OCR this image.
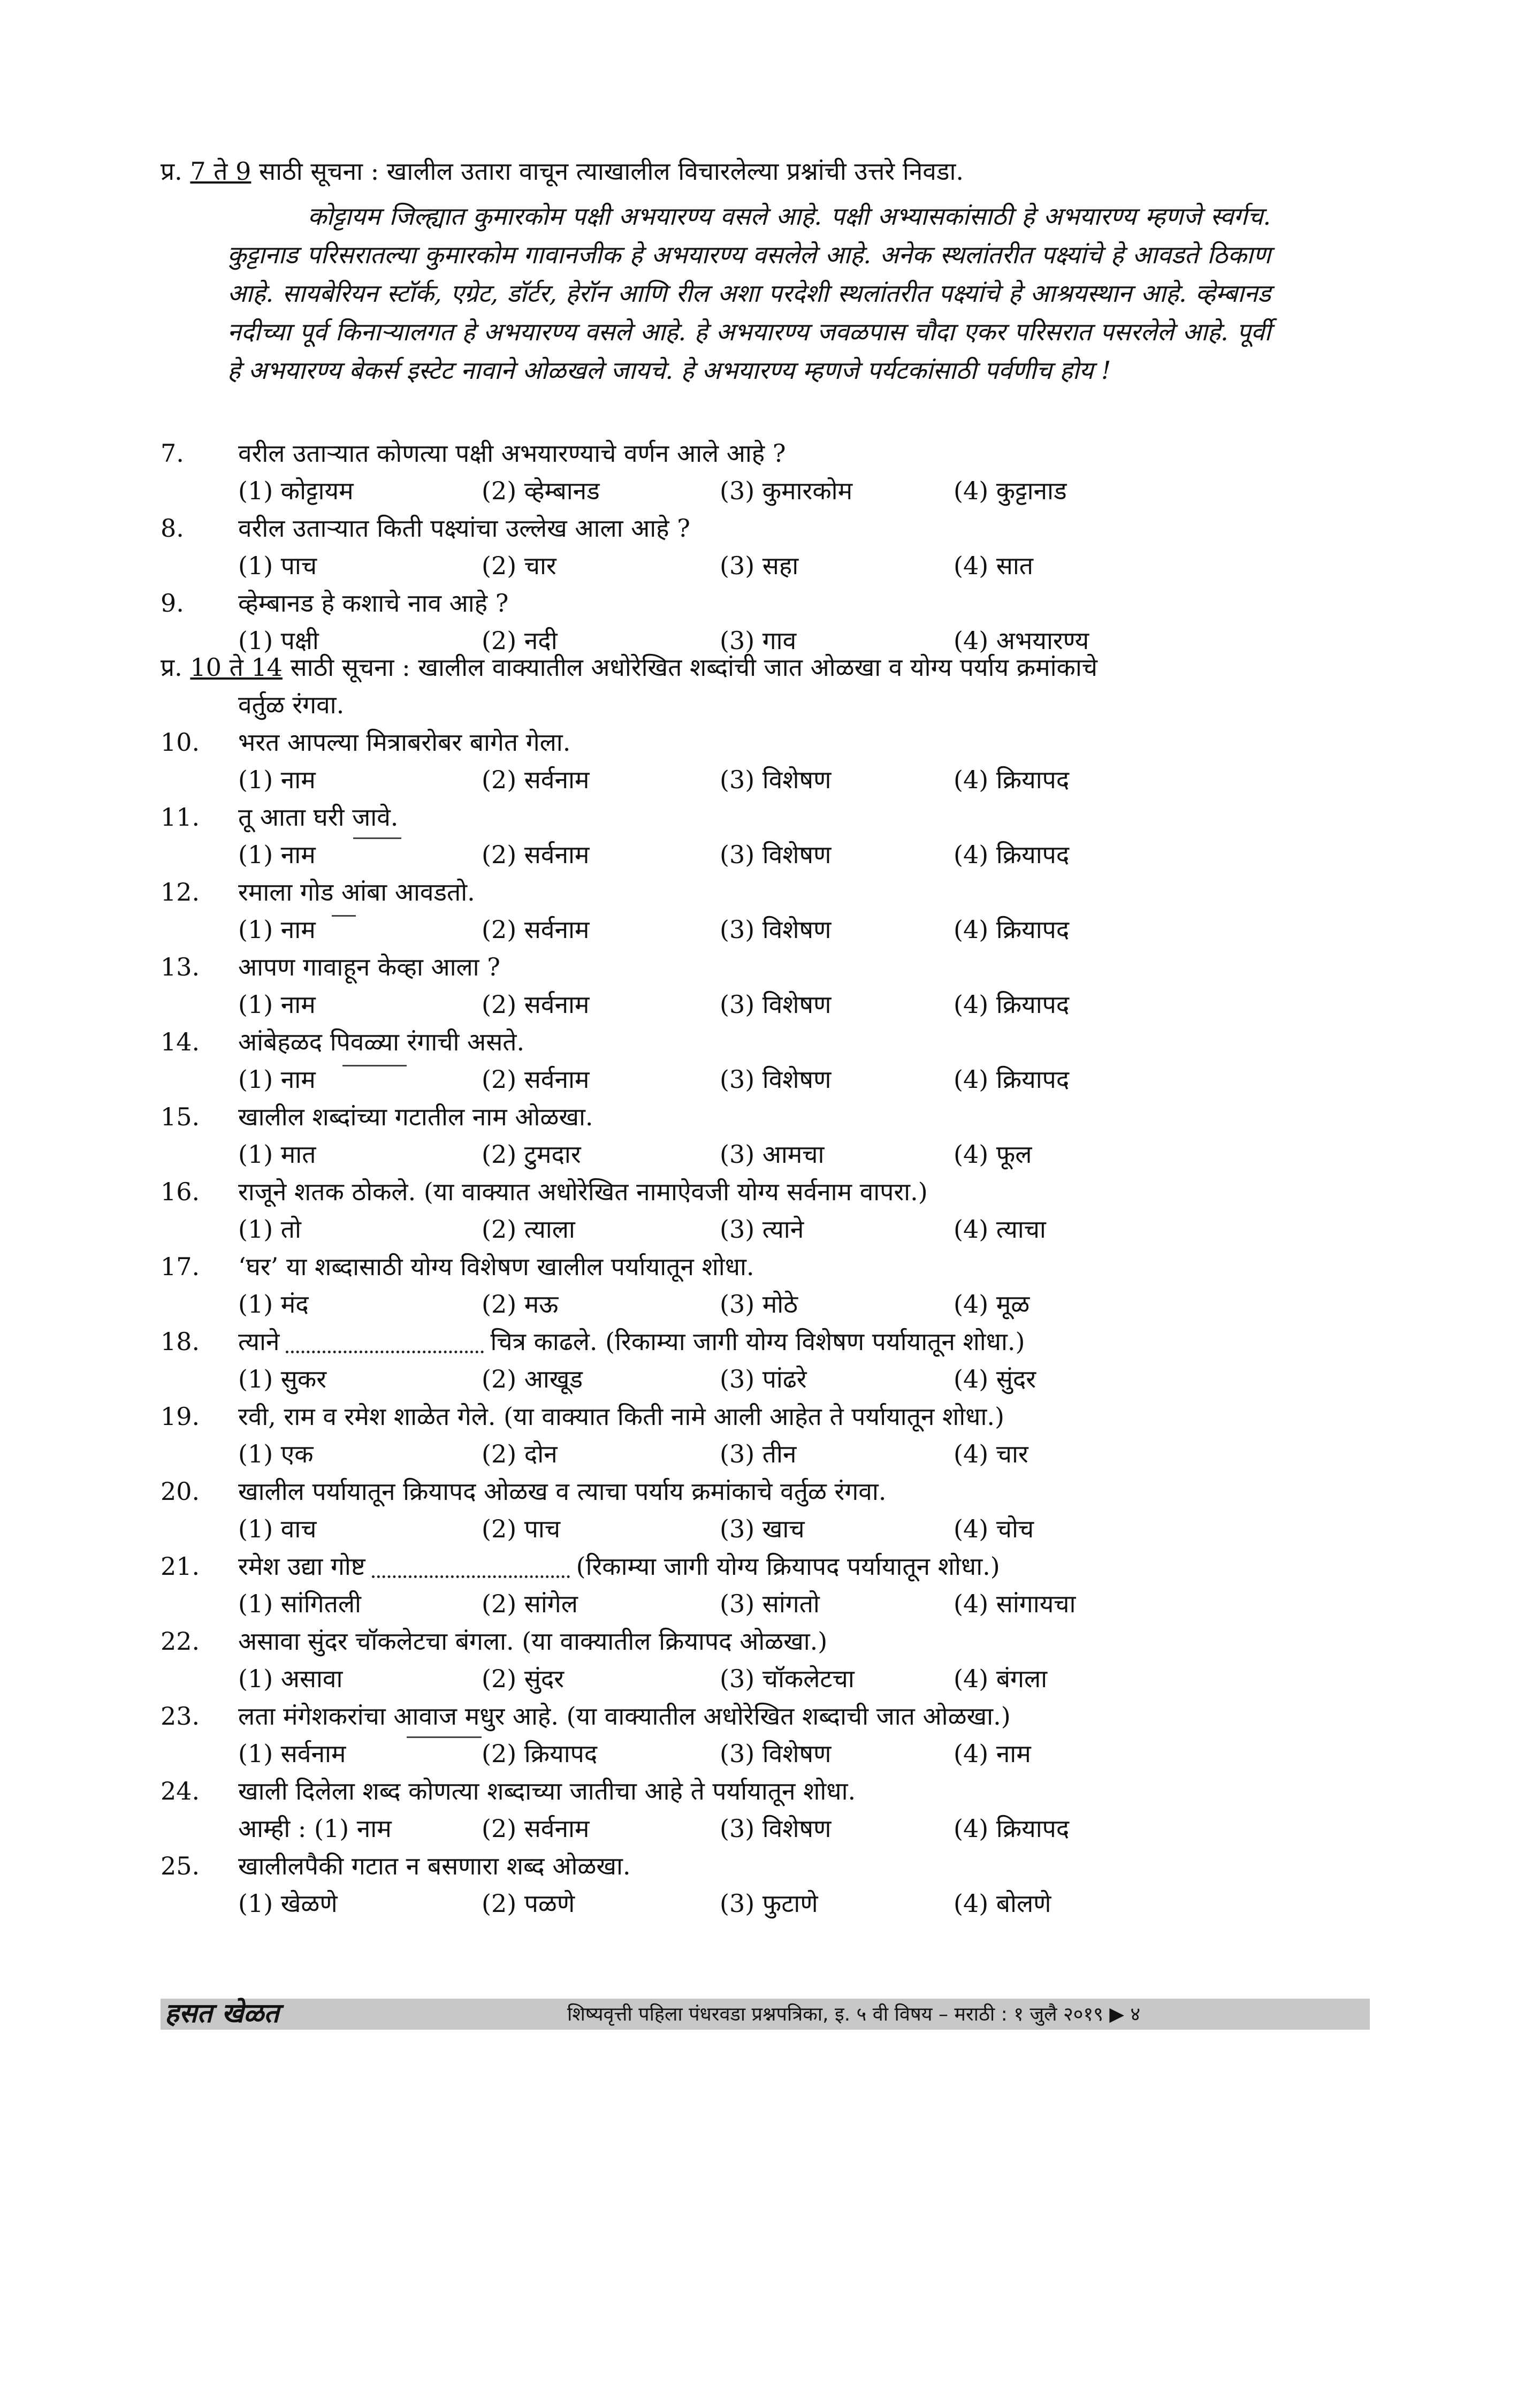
प्र. 7 ते 9 साठी सूचना : खालील उतारा वाचून त्याखालील विचारलेल्या प्रश्नांची उत्तरे निवडा.

कोट्टायम जिल्ह्यात कुमारकोम पक्षी अभयारण्य वसले आहे. पक्षी अभ्यासकांसाठी हे अभयारण्य म्हणजे स्वर्गच. कुट्टानाड परिसरातल्या कुमारकोम गावानजीक हे अभयारण्य वसलेले आहे. अनेक स्थलांतरीत पक्ष्यांचे हे आवडते ठिकाण आहे. सायबेरियन स्टॉर्क, एग्रेट, डॉर्टर, हेरॉन आणि रील अशा परदेशी स्थलांतरीत पक्ष्यांचे हे आश्रयस्थान आहे. व्हेम्बानड नदीच्या पूर्व किनाऱ्यालगत हे अभयारण्य वसले आहे. हे अभयारण्य जवळपास चौदा एकर परिसरात पसरलेले आहे. पूर्वी हे अभयारण्य बेकर्स इस्टेट नावाने ओळखले जायचे. हे अभयारण्य म्हणजे पर्यटकांसाठी पर्वणीच होय !

7. वरील उताऱ्यात कोणत्या पक्षी अभयारण्याचे वर्णन आले आहे ?
(1) कोट्टायम	(2) व्हेम्बानड	(3) कुमारकोम	(4) कुट्टानाड
8. वरील उताऱ्यात किती पक्ष्यांचा उल्लेख आला आहे ?
(1) पाच	(2) चार	(3) सहा	(4) सात
9. व्हेम्बानड हे कशाचे नाव आहे ?
(1) पक्षी	(2) नदी	(3) गाव	(4) अभयारण्य
10. भरत आपल्या मित्राबरोबर बागेत गेला.
(1) नाम	(2) सर्वनाम	(3) विशेषण	(4) क्रियापद
11. तू आता घरी जावे.
(1) नाम	(2) सर्वनाम	(3) विशेषण	(4) क्रियापद
12. रमाला गोड आंबा आवडतो.
(1) नाम	(2) सर्वनाम	(3) विशेषण	(4) क्रियापद
13. आपण गावाहून केव्हा आला ?
(1) नाम	(2) सर्वनाम	(3) विशेषण	(4) क्रियापद
14. आंबेहळद पिवळ्या रंगाची असते.
(1) नाम	(2) सर्वनाम	(3) विशेषण	(4) क्रियापद
15. खालील शब्दांच्या गटातील नाम ओळखा.
(1) मात	(2) टुमदार	(3) आमचा	(4) फूल
16. राजूने शतक ठोकले. (या वाक्यात अधोरेखित नामाऐवजी योग्य सर्वनाम वापरा.)
(1) तो	(2) त्याला	(3) त्याने	(4) त्याचा
17. ‘घर’ या शब्दासाठी योग्य विशेषण खालील पर्यायातून शोधा.
(1) मंद	(2) मऊ	(3) मोठे	(4) मूळ
18. त्याने	चित्र काढले. (रिकाम्या जागी योग्य विशेषण पर्यायातून शोधा.)
(1) सुकर	(2) आखूड	(3) पांढरे	(4) सुंदर
19. रवी, राम व रमेश शाळेत गेले. (या वाक्यात किती नामे आली आहेत ते पर्यायातून शोधा.)
(1) एक	(2) दोन	(3) तीन	(4) चार
20. खालील पर्यायातून क्रियापद ओळख व त्याचा पर्याय क्रमांकाचे वर्तुळ रंगवा.
(1) वाच	(2) पाच	(3) खाच	(4) चोच
21. रमेश उद्या गोष्ट	(रिकाम्या जागी योग्य क्रियापद पर्यायातून शोधा.)
(1) सांगितली	(2) सांगेल	(3) सांगतो	(4) सांगायचा
22. असावा सुंदर चॉकलेटचा बंगला. (या वाक्यातील क्रियापद ओळखा.)
(1) असावा	(2) सुंदर	(3) चॉकलेटचा	(4) बंगला
23. लता मंगेशकरांचा आवाज मधुर आहे. (या वाक्यातील अधोरेखित शब्दाची जात ओळखा.)
(1) सर्वनाम	(2) क्रियापद	(3) विशेषण	(4) नाम
24. खाली दिलेला शब्द कोणत्या शब्दाच्या जातीचा आहे ते पर्यायातून शोधा.
आम्ही : (1) नाम	(2) सर्वनाम	(3) विशेषण	(4) क्रियापद
25. खालीलपैकी गटात न बसणारा शब्द ओळखा.
(1) खेळणे	(2) पळणे	(3) फुटाणे	(4) बोलणे
प्र. 10 ते 14 साठी सूचना : खालील वाक्यातील अधोरेखित शब्दांची जात ओळखा व योग्य पर्याय क्रमांकाचे
वर्तुळ रंगवा.
हसत खेळत	शिष्यवृत्ती पहिला पंधरवडा प्रश्नपत्रिका, इ. ५ वी विषय – मराठी : १ जुलै २०१९ ▶ ४
